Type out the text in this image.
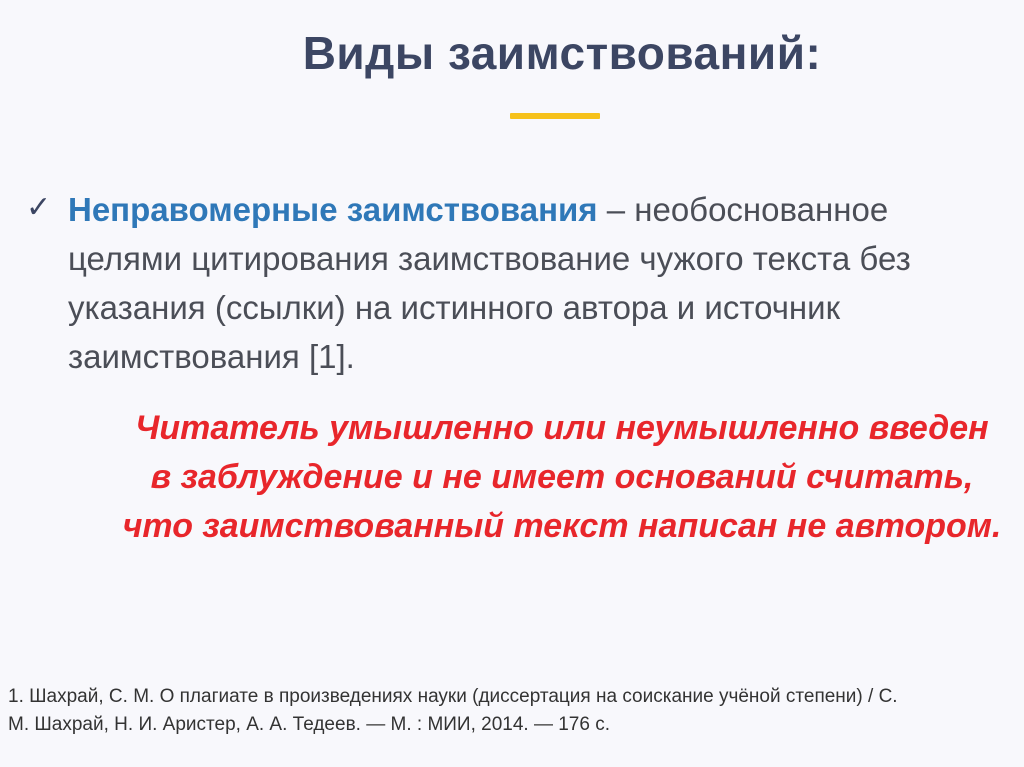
Виды заимствований:
✓ Неправомерные заимствования – необоснованное
целями цитирования заимствование чужого текста без
указания (ссылки) на истинного автора и источник
заимствования [1].
Читатель умышленно или неумышленно введен
в заблуждение и не имеет оснований считать,
что заимствованный текст написан не автором.
1. Шахрай, С. М. О плагиате в произведениях науки (диссертация на соискание учёной степени) / С.
М. Шахрай, Н. И. Аристер, А. А. Тедеев. — М. : МИИ, 2014. — 176 с.
